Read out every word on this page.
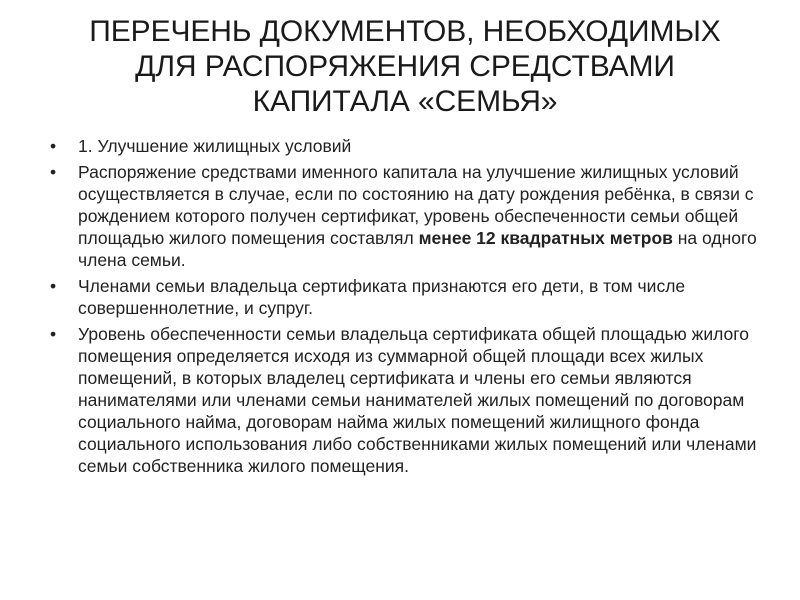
ПЕРЕЧЕНЬ ДОКУМЕНТОВ, НЕОБХОДИМЫХ
ДЛЯ РАСПОРЯЖЕНИЯ СРЕДСТВАМИ
КАПИТАЛА «СЕМЬЯ»
• 1. Улучшение жилищных условий
• Распоряжение средствами именного капитала на улучшение жилищных условий осуществляется в случае, если по состоянию на дату рождения ребёнка, в связи с рождением которого получен сертификат, уровень обеспеченности семьи общей площадью жилого помещения составлял менее 12 квадратных метров на одного члена семьи.
• Членами семьи владельца сертификата признаются его дети, в том числе совершеннолетние, и супруг.
• Уровень обеспеченности семьи владельца сертификата общей площадью жилого помещения определяется исходя из суммарной общей площади всех жилых помещений, в которых владелец сертификата и члены его семьи являются нанимателями или членами семьи нанимателей жилых помещений по договорам социального найма, договорам найма жилых помещений жилищного фонда социального использования либо собственниками жилых помещений или членами семьи собственника жилого помещения.
